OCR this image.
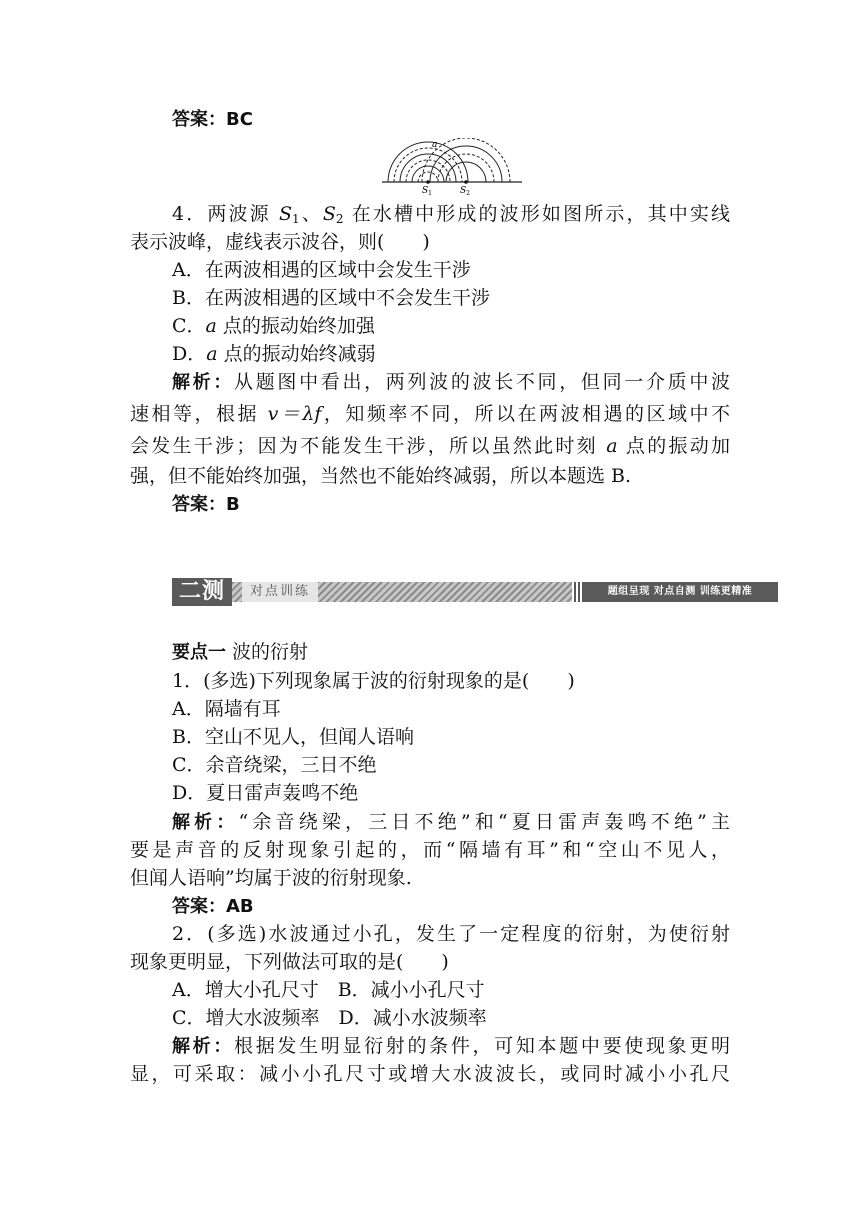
答案：BC
a
$S_1$	$S_2$
4．两波源 $S_1$、$S_2$ 在水槽中形成的波形如图所示，其中实线
表示波峰，虚线表示波谷，则(　　)
A．在两波相遇的区域中会发生干涉
B．在两波相遇的区域中不会发生干涉
C．a 点的振动始终加强
D．a 点的振动始终减弱
解析：从题图中看出，两列波的波长不同，但同一介质中波
速相等，根据 v＝λf，知频率不同，所以在两波相遇的区域中不
会发生干涉；因为不能发生干涉，所以虽然此时刻 a 点的振动加
强，但不能始终加强，当然也不能始终减弱，所以本题选 B.
答案：B
二测	对点训练	题组呈现 对点自测 训练更精准
要点一 波的衍射
1．(多选)下列现象属于波的衍射现象的是(　　)
A．隔墙有耳
B．空山不见人，但闻人语响
C．余音绕梁，三日不绝
D．夏日雷声轰鸣不绝
解析：“余音绕梁，三日不绝”和“夏日雷声轰鸣不绝”主
要是声音的反射现象引起的，而“隔墙有耳”和“空山不见人，
但闻人语响”均属于波的衍射现象.
答案：AB
2．(多选)水波通过小孔，发生了一定程度的衍射，为使衍射
现象更明显，下列做法可取的是(　　)
A．增大小孔尺寸　B．减小小孔尺寸
C．增大水波频率　D．减小水波频率
解析：根据发生明显衍射的条件，可知本题中要使现象更明
显，可采取：减小小孔尺寸或增大水波波长，或同时减小小孔尺
